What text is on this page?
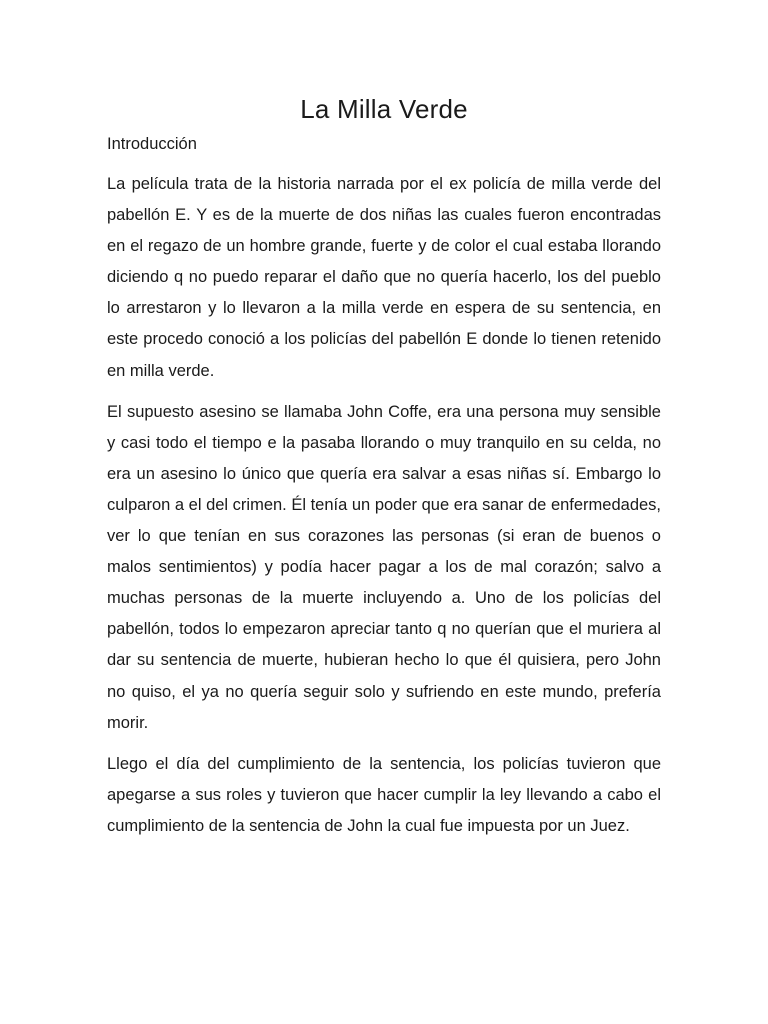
La Milla Verde

Introducción

La película trata de la historia narrada por el ex policía de milla verde del pabellón E. Y es de la muerte de dos niñas las cuales fueron encontradas en el regazo de un hombre grande, fuerte y de color el cual estaba llorando diciendo q no puedo reparar el daño que no quería hacerlo, los del pueblo lo arrestaron y lo llevaron a la milla verde en espera de su sentencia, en este procedo conoció a los policías del pabellón E donde lo tienen retenido en milla verde.

El supuesto asesino se llamaba John Coffe, era una persona muy sensible y casi todo el tiempo e la pasaba llorando o muy tranquilo en su celda, no era un asesino lo único que quería era salvar a esas niñas sí. Embargo lo culparon a el del crimen. Él tenía un poder que era sanar de enfermedades, ver lo que tenían en sus corazones las personas (si eran de buenos o malos sentimientos) y podía hacer pagar a los de mal corazón; salvo a muchas personas de la muerte incluyendo a. Uno de los policías del pabellón, todos lo empezaron apreciar tanto q no querían que el muriera al dar su sentencia de muerte, hubieran hecho lo que él quisiera, pero John no quiso, el ya no quería seguir solo y sufriendo en este mundo, prefería morir.

Llego el día del cumplimiento de la sentencia, los policías tuvieron que apegarse a sus roles y tuvieron que hacer cumplir la ley llevando a cabo el cumplimiento de la sentencia de John la cual fue impuesta por un Juez.
